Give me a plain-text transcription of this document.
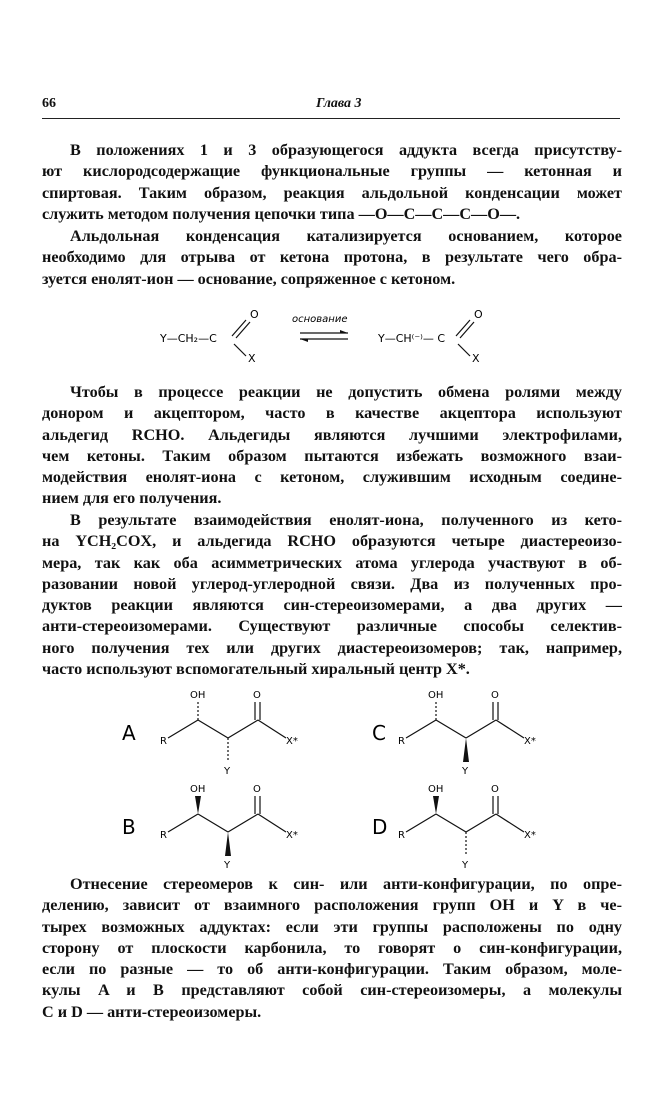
66	Глава 3
В положениях 1 и 3 образующегося аддукта всегда присутству-
ют кислородсодержащие функциональные группы — кетонная и
спиртовая. Таким образом, реакция альдольной конденсации может
служить методом получения цепочки типа —O—C—C—C—O—.
Альдольная конденсация катализируется основанием, которое
необходимо для отрыва от кетона протона, в результате чего обра-
зуется енолят-ион — основание, сопряженное с кетоном.
Y—CH₂—C
O
X
основание
Y—CH⁽⁻⁾— C
O
X
Чтобы в процессе реакции не допустить обмена ролями между
донором и акцептором, часто в качестве акцептора используют
альдегид RCHO. Альдегиды являются лучшими электрофилами,
чем кетоны. Таким образом пытаются избежать возможного взаи-
модействия енолят-иона с кетоном, служившим исходным соедине-
нием для его получения.
В результате взаимодействия енолят-иона, полученного из кето-
на YCH₂COX, и альдегида RCHO образуются четыре диастереоизо-
мера, так как оба асимметрических атома углерода участвуют в об-
разовании новой углерод-углеродной связи. Два из полученных про-
дуктов реакции являются син-стереоизомерами, а два других —
анти-стереоизомерами. Существуют различные способы селектив-
ного получения тех или других диастереоизомеров; так, например,
часто используют вспомогательный хиральный центр X*.
A R
OH	O
X*
Y
C R
OH	O
X*
Y
B R
OH	O
X*
Y
D R
OH	O
X*
Y
Отнесение стереомеров к син- или анти-конфигурации, по опре-
делению, зависит от взаимного расположения групп OH и Y в че-
тырех возможных аддуктах: если эти группы расположены по одну
сторону от плоскости карбонила, то говорят о син-конфигурации,
если по разные — то об анти-конфигурации. Таким образом, моле-
кулы A и B представляют собой син-стереоизомеры, а молекулы
C и D — анти-стереоизомеры.
